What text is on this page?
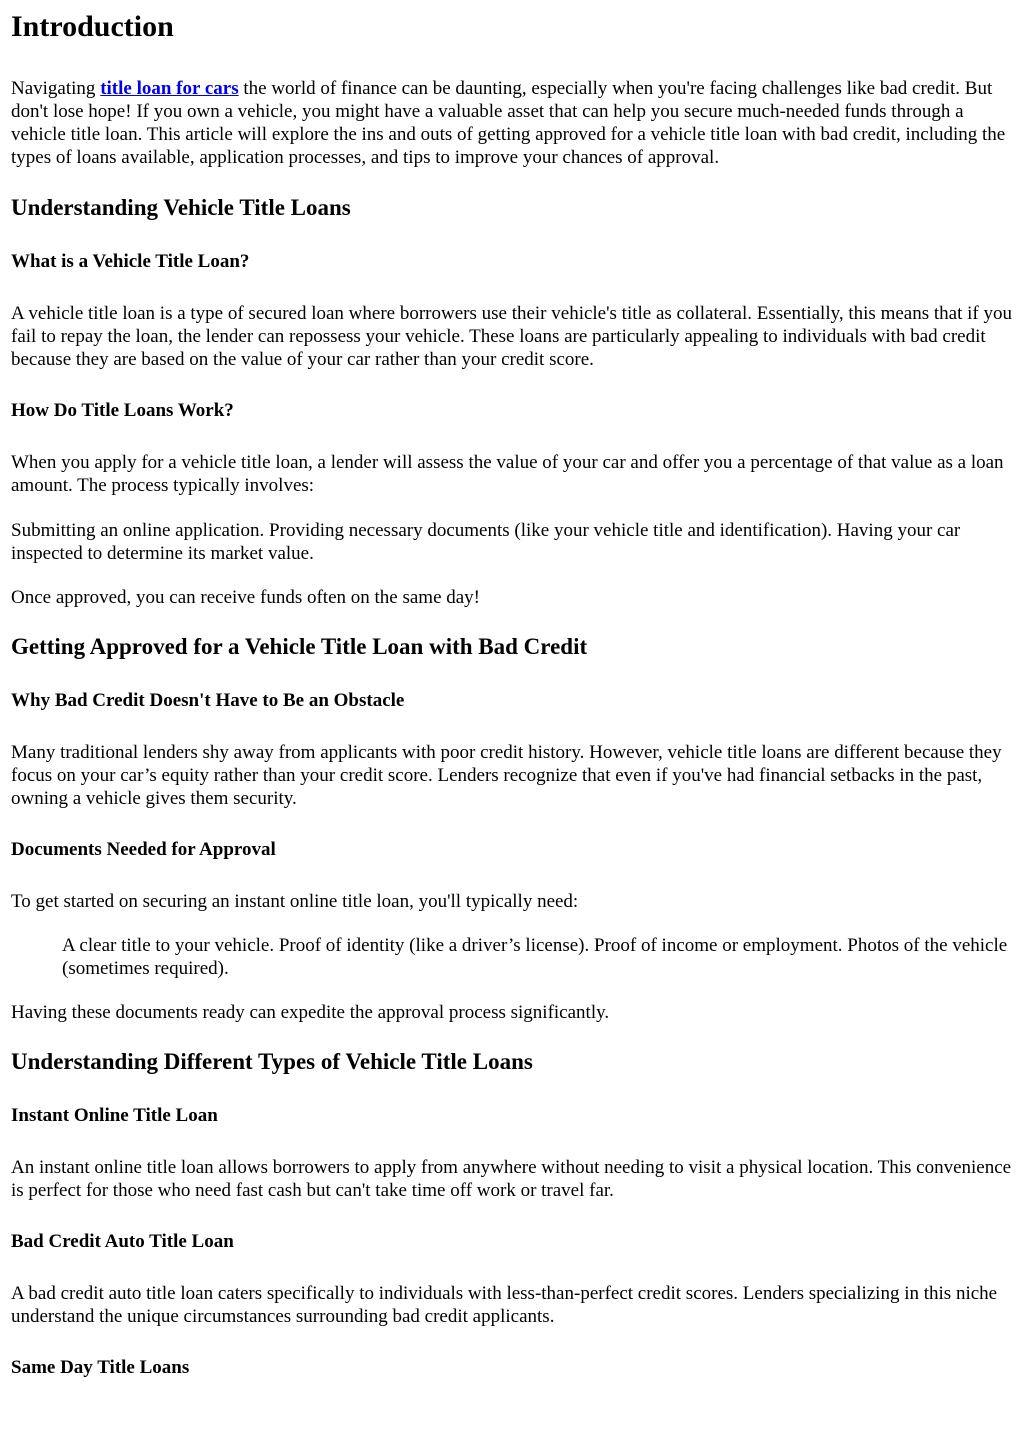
Introduction

Navigating title loan for cars the world of finance can be daunting, especially when you're facing challenges like bad credit. But don't lose hope! If you own a vehicle, you might have a valuable asset that can help you secure much-needed funds through a vehicle title loan. This article will explore the ins and outs of getting approved for a vehicle title loan with bad credit, including the types of loans available, application processes, and tips to improve your chances of approval.

Understanding Vehicle Title Loans
What is a Vehicle Title Loan?

A vehicle title loan is a type of secured loan where borrowers use their vehicle's title as collateral. Essentially, this means that if you fail to repay the loan, the lender can repossess your vehicle. These loans are particularly appealing to individuals with bad credit because they are based on the value of your car rather than your credit score.

How Do Title Loans Work?

When you apply for a vehicle title loan, a lender will assess the value of your car and offer you a percentage of that value as a loan amount. The process typically involves:

Submitting an online application. Providing necessary documents (like your vehicle title and identification). Having your car inspected to determine its market value.

Once approved, you can receive funds often on the same day!

Getting Approved for a Vehicle Title Loan with Bad Credit
Why Bad Credit Doesn't Have to Be an Obstacle

Many traditional lenders shy away from applicants with poor credit history. However, vehicle title loans are different because they focus on your car’s equity rather than your credit score. Lenders recognize that even if you've had financial setbacks in the past, owning a vehicle gives them security.

Documents Needed for Approval

To get started on securing an instant online title loan, you'll typically need:

A clear title to your vehicle. Proof of identity (like a driver’s license). Proof of income or employment. Photos of the vehicle (sometimes required).

Having these documents ready can expedite the approval process significantly.

Understanding Different Types of Vehicle Title Loans
Instant Online Title Loan

An instant online title loan allows borrowers to apply from anywhere without needing to visit a physical location. This convenience is perfect for those who need fast cash but can't take time off work or travel far.

Bad Credit Auto Title Loan

A bad credit auto title loan caters specifically to individuals with less-than-perfect credit scores. Lenders specializing in this niche understand the unique circumstances surrounding bad credit applicants.

Same Day Title Loans
